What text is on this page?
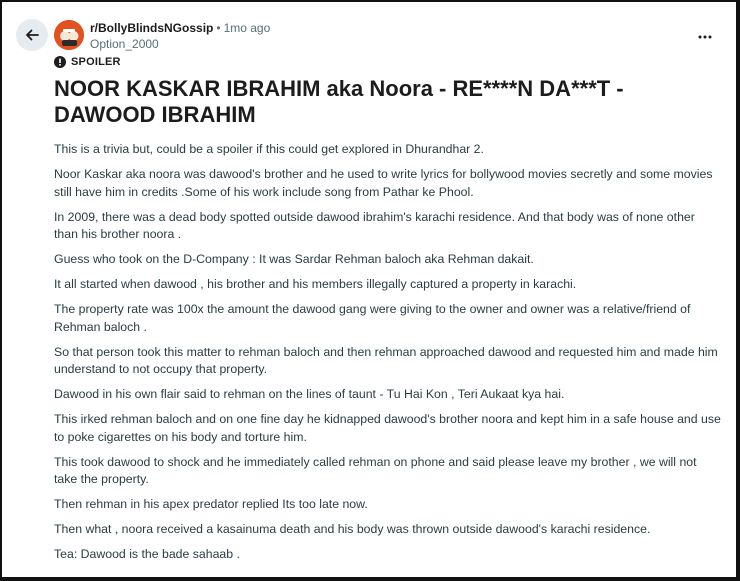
r/BollyBlindsNGossip • 1mo ago
Option_2000
SPOILER
NOOR KASKAR IBRAHIM aka Noora - RE****N DA***T - DAWOOD IBRAHIM

This is a trivia but, could be a spoiler if this could get explored in Dhurandhar 2.

Noor Kaskar aka noora was dawood's brother and he used to write lyrics for bollywood movies secretly and some movies still have him in credits .Some of his work include song from Pathar ke Phool.

In 2009, there was a dead body spotted outside dawood ibrahim's karachi residence. And that body was of none other than his brother noora .

Guess who took on the D-Company : It was Sardar Rehman baloch aka Rehman dakait.

It all started when dawood , his brother and his members illegally captured a property in karachi.

The property rate was 100x the amount the dawood gang were giving to the owner and owner was a relative/friend of Rehman baloch .

So that person took this matter to rehman baloch and then rehman approached dawood and requested him and made him understand to not occupy that property.

Dawood in his own flair said to rehman on the lines of taunt - Tu Hai Kon , Teri Aukaat kya hai.

This irked rehman baloch and on one fine day he kidnapped dawood's brother noora and kept him in a safe house and use to poke cigarettes on his body and torture him.

This took dawood to shock and he immediately called rehman on phone and said please leave my brother , we will not take the property.

Then rehman in his apex predator replied Its too late now.

Then what , noora received a kasainuma death and his body was thrown outside dawood's karachi residence.

Tea: Dawood is the bade sahaab .
